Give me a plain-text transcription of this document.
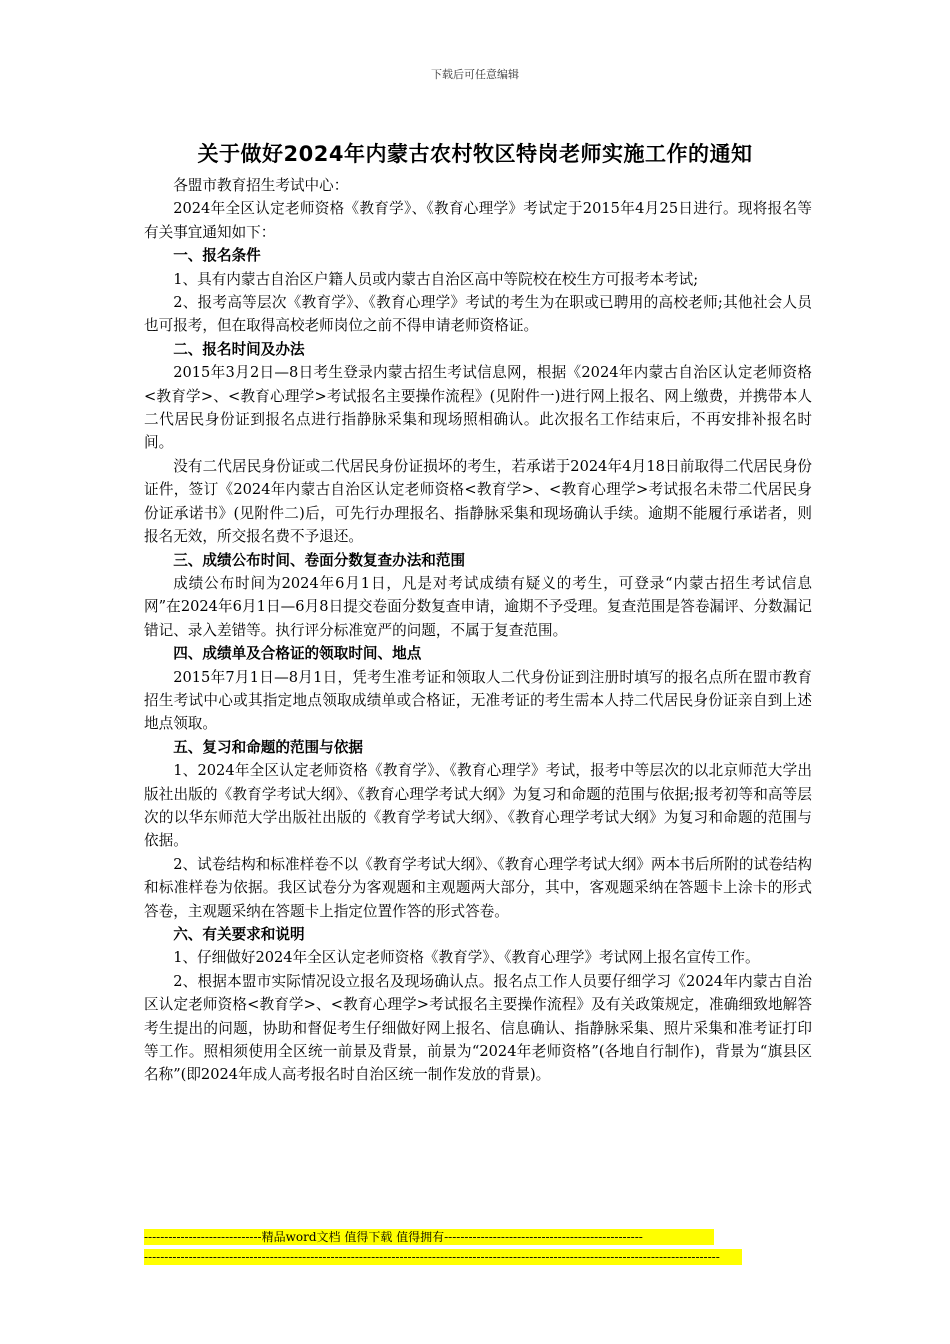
下载后可任意编辑
关于做好2024年内蒙古农村牧区特岗老师实施工作的通知

各盟市教育招生考试中心：

2024年全区认定老师资格《教育学》、《教育心理学》考试定于2015年4月25日进行。现将报名等有关事宜通知如下：

一、报名条件

1、具有内蒙古自治区户籍人员或内蒙古自治区高中等院校在校生方可报考本考试;

2、报考高等层次《教育学》、《教育心理学》考试的考生为在职或已聘用的高校老师;其他社会人员也可报考，但在取得高校老师岗位之前不得申请老师资格证。

二、报名时间及办法

2015年3月2日—8日考生登录内蒙古招生考试信息网，根据《2024年内蒙古自治区认定老师资格<教育学>、<教育心理学>考试报名主要操作流程》(见附件一)进行网上报名、网上缴费，并携带本人二代居民身份证到报名点进行指静脉采集和现场照相确认。此次报名工作结束后，不再安排补报名时间。

没有二代居民身份证或二代居民身份证损坏的考生，若承诺于2024年4月18日前取得二代居民身份证件，签订《2024年内蒙古自治区认定老师资格<教育学>、<教育心理学>考试报名未带二代居民身份证承诺书》(见附件二)后，可先行办理报名、指静脉采集和现场确认手续。逾期不能履行承诺者，则报名无效，所交报名费不予退还。

三、成绩公布时间、卷面分数复查办法和范围

成绩公布时间为2024年6月1日，凡是对考试成绩有疑义的考生，可登录“内蒙古招生考试信息网”在2024年6月1日—6月8日提交卷面分数复查申请，逾期不予受理。复查范围是答卷漏评、分数漏记错记、录入差错等。执行评分标准宽严的问题，不属于复查范围。

四、成绩单及合格证的领取时间、地点

2015年7月1日—8月1日，凭考生准考证和领取人二代身份证到注册时填写的报名点所在盟市教育招生考试中心或其指定地点领取成绩单或合格证，无准考证的考生需本人持二代居民身份证亲自到上述地点领取。

五、复习和命题的范围与依据

1、2024年全区认定老师资格《教育学》、《教育心理学》考试，报考中等层次的以北京师范大学出版社出版的《教育学考试大纲》、《教育心理学考试大纲》为复习和命题的范围与依据;报考初等和高等层次的以华东师范大学出版社出版的《教育学考试大纲》、《教育心理学考试大纲》为复习和命题的范围与依据。

2、试卷结构和标准样卷不以《教育学考试大纲》、《教育心理学考试大纲》两本书后所附的试卷结构和标准样卷为依据。我区试卷分为客观题和主观题两大部分，其中，客观题采纳在答题卡上涂卡的形式答卷，主观题采纳在答题卡上指定位置作答的形式答卷。

六、有关要求和说明

1、仔细做好2024年全区认定老师资格《教育学》、《教育心理学》考试网上报名宣传工作。

2、根据本盟市实际情况设立报名及现场确认点。报名点工作人员要仔细学习《2024年内蒙古自治区认定老师资格<教育学>、<教育心理学>考试报名主要操作流程》及有关政策规定，准确细致地解答考生提出的问题，协助和督促考生仔细做好网上报名、信息确认、指静脉采集、照片采集和准考证打印等工作。照相须使用全区统一前景及背景，前景为“2024年老师资格”(各地自行制作)，背景为“旗县区名称”(即2024年成人高考报名时自治区统一制作发放的背景)。

-----------------------------精品word文档 值得下载 值得拥有-------------------------------------------------
----------------------------------------------------------------------------------------------------------------------------------------------
